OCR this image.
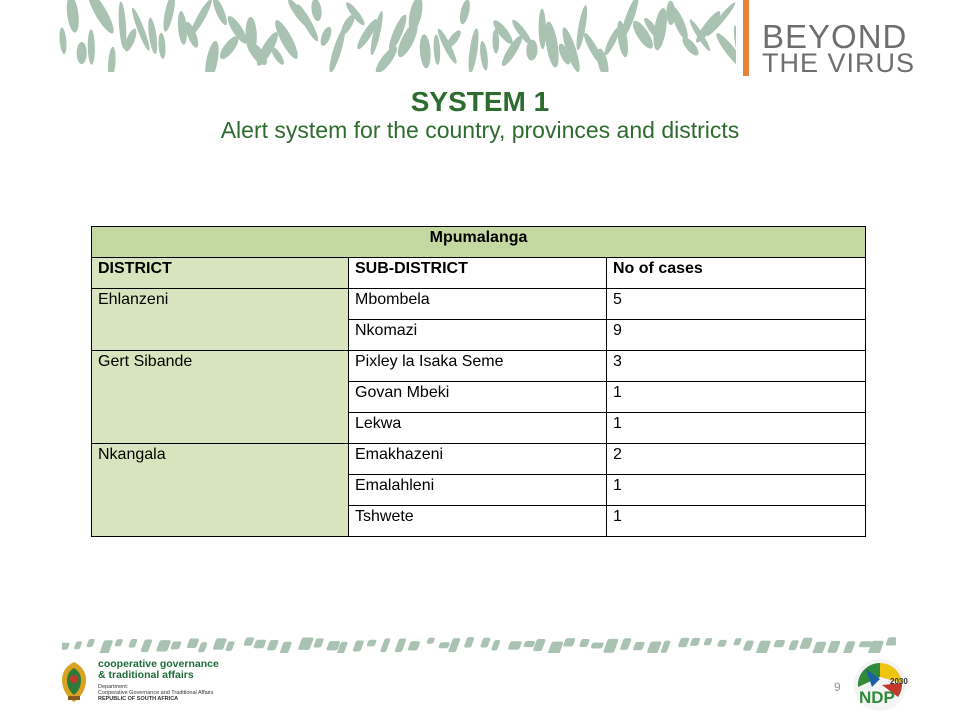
BEYOND
THE VIRUS
SYSTEM 1
Alert system for the country, provinces and districts
Mpumalanga		
DISTRICT	SUB-DISTRICT	No of cases
Ehlanzeni	Mbombela	5
	Nkomazi	9
Gert Sibande	Pixley la Isaka Seme	3
	Govan Mbeki	1
	Lekwa	1
Nkangala	Emakhazeni	2
	Emalahleni	1
	Tshwete	1
cooperative governance
& traditional affairs
Department:
Cooperative Governance and Traditional Affairs
REPUBLIC OF SOUTH AFRICA
9	2030
NDP
